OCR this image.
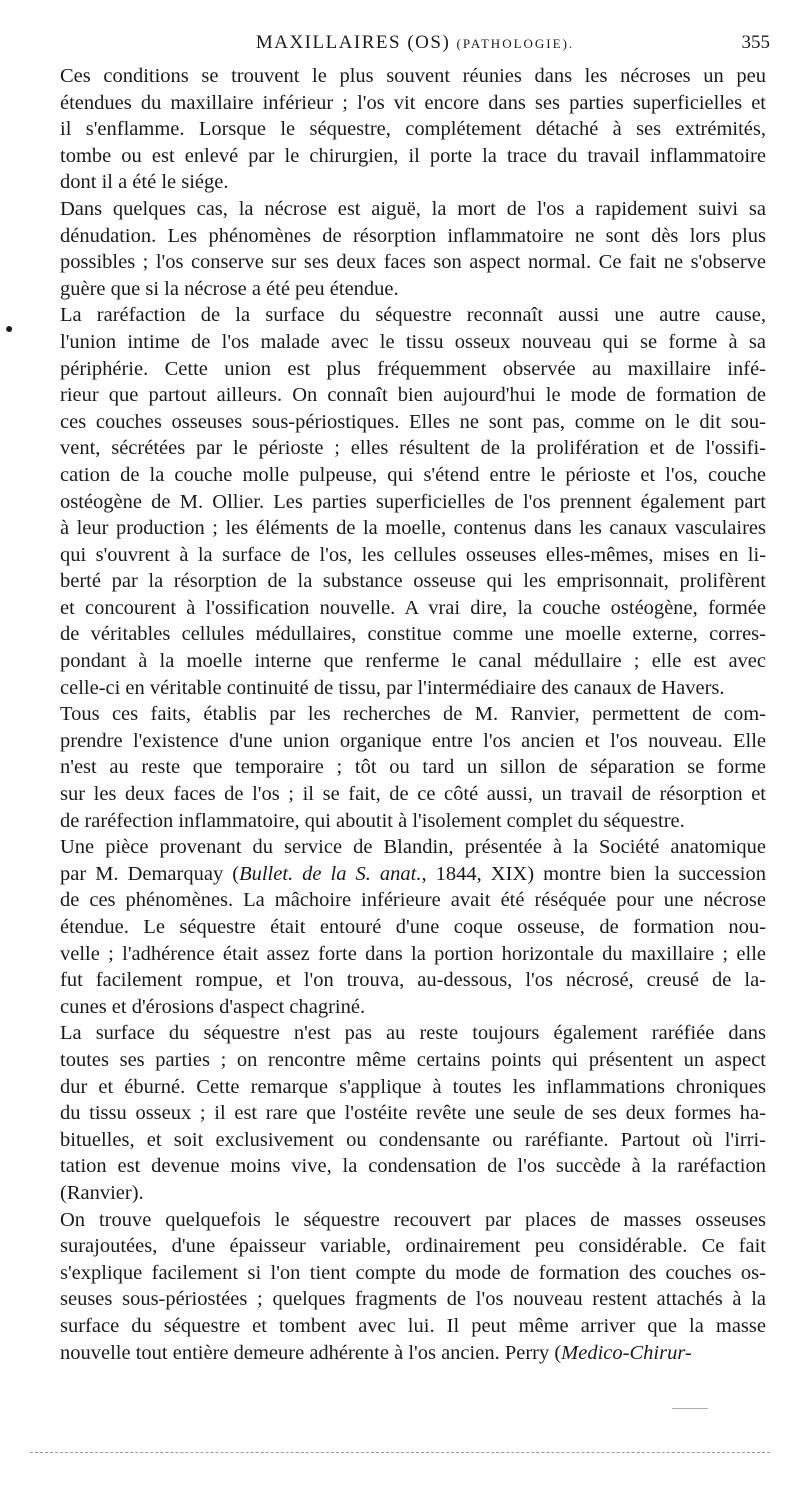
MAXILLAIRES (OS) (PATHOLOGIE).	355
●
Ces conditions se trouvent le plus souvent réunies dans les nécroses un peu
étendues du maxillaire inférieur ; l'os vit encore dans ses parties superficielles et
il s'enflamme. Lorsque le séquestre, complétement détaché à ses extrémités,
tombe ou est enlevé par le chirurgien, il porte la trace du travail inflammatoire
dont il a été le siége.
Dans quelques cas, la nécrose est aiguë, la mort de l'os a rapidement suivi sa
dénudation. Les phénomènes de résorption inflammatoire ne sont dès lors plus
possibles ; l'os conserve sur ses deux faces son aspect normal. Ce fait ne s'observe
guère que si la nécrose a été peu étendue.
La raréfaction de la surface du séquestre reconnaît aussi une autre cause,
l'union intime de l'os malade avec le tissu osseux nouveau qui se forme à sa
périphérie. Cette union est plus fréquemment observée au maxillaire infé-
rieur que partout ailleurs. On connaît bien aujourd'hui le mode de formation de
ces couches osseuses sous-périostiques. Elles ne sont pas, comme on le dit sou-
vent, sécrétées par le périoste ; elles résultent de la prolifération et de l'ossifi-
cation de la couche molle pulpeuse, qui s'étend entre le périoste et l'os, couche
ostéogène de M. Ollier. Les parties superficielles de l'os prennent également part
à leur production ; les éléments de la moelle, contenus dans les canaux vasculaires
qui s'ouvrent à la surface de l'os, les cellules osseuses elles-mêmes, mises en li-
berté par la résorption de la substance osseuse qui les emprisonnait, prolifèrent
et concourent à l'ossification nouvelle. A vrai dire, la couche ostéogène, formée
de véritables cellules médullaires, constitue comme une moelle externe, corres-
pondant à la moelle interne que renferme le canal médullaire ; elle est avec
celle-ci en véritable continuité de tissu, par l'intermédiaire des canaux de Havers.
Tous ces faits, établis par les recherches de M. Ranvier, permettent de com-
prendre l'existence d'une union organique entre l'os ancien et l'os nouveau. Elle
n'est au reste que temporaire ; tôt ou tard un sillon de séparation se forme
sur les deux faces de l'os ; il se fait, de ce côté aussi, un travail de résorption et
de raréfection inflammatoire, qui aboutit à l'isolement complet du séquestre.
Une pièce provenant du service de Blandin, présentée à la Société anatomique
par M. Demarquay (Bullet. de la S. anat., 1844, XIX) montre bien la succession
de ces phénomènes. La mâchoire inférieure avait été réséquée pour une nécrose
étendue. Le séquestre était entouré d'une coque osseuse, de formation nou-
velle ; l'adhérence était assez forte dans la portion horizontale du maxillaire ; elle
fut facilement rompue, et l'on trouva, au-dessous, l'os nécrosé, creusé de la-
cunes et d'érosions d'aspect chagriné.
La surface du séquestre n'est pas au reste toujours également raréfiée dans
toutes ses parties ; on rencontre même certains points qui présentent un aspect
dur et éburné. Cette remarque s'applique à toutes les inflammations chroniques
du tissu osseux ; il est rare que l'ostéite revête une seule de ses deux formes ha-
bituelles, et soit exclusivement ou condensante ou raréfiante. Partout où l'irri-
tation est devenue moins vive, la condensation de l'os succède à la raréfaction
(Ranvier).
On trouve quelquefois le séquestre recouvert par places de masses osseuses
surajoutées, d'une épaisseur variable, ordinairement peu considérable. Ce fait
s'explique facilement si l'on tient compte du mode de formation des couches os-
seuses sous-périostées ; quelques fragments de l'os nouveau restent attachés à la
surface du séquestre et tombent avec lui. Il peut même arriver que la masse
nouvelle tout entière demeure adhérente à l'os ancien. Perry (Medico-Chirur-
